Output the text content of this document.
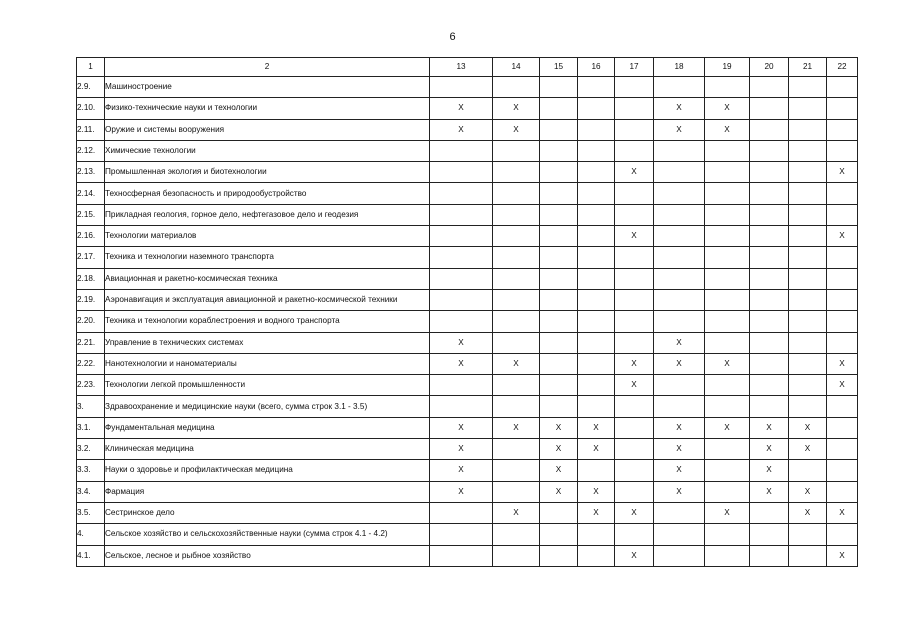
6
1	2	13	14	15	16	17	18	19	20	21	22
2.9.	Машиностроение										
2.10.	Физико-технические науки и технологии	X	X				X	X			
2.11.	Оружие и системы вооружения	X	X				X	X			
2.12.	Химические технологии										
2.13.	Промышленная экология и биотехнологии					X					X
2.14.	Техносферная безопасность и природообустройство										
2.15.	Прикладная геология, горное дело, нефтегазовое дело и геодезия										
2.16.	Технологии материалов					X					X
2.17.	Техника и технологии наземного транспорта										
2.18.	Авиационная и ракетно-космическая техника										
2.19.	Аэронавигация и эксплуатация авиационной и ракетно-космической техники										
2.20.	Техника и технологии кораблестроения и водного транспорта										
2.21.	Управление в технических системах	X					X				
2.22.	Нанотехнологии и наноматериалы	X	X			X	X	X			X
2.23.	Технологии легкой промышленности					X					X
3.	Здравоохранение и медицинские науки (всего, сумма строк 3.1 - 3.5)										
3.1.	Фундаментальная медицина	X	X	X	X		X	X	X	X	
3.2.	Клиническая медицина	X		X	X		X		X	X	
3.3.	Науки о здоровье и профилактическая медицина	X		X			X		X		
3.4.	Фармация	X		X	X		X		X	X	
3.5.	Сестринское дело		X		X	X		X		X	X
4.	Сельское хозяйство и сельскохозяйственные науки (сумма строк 4.1 - 4.2)										
4.1.	Сельское, лесное и рыбное хозяйство					X					X
